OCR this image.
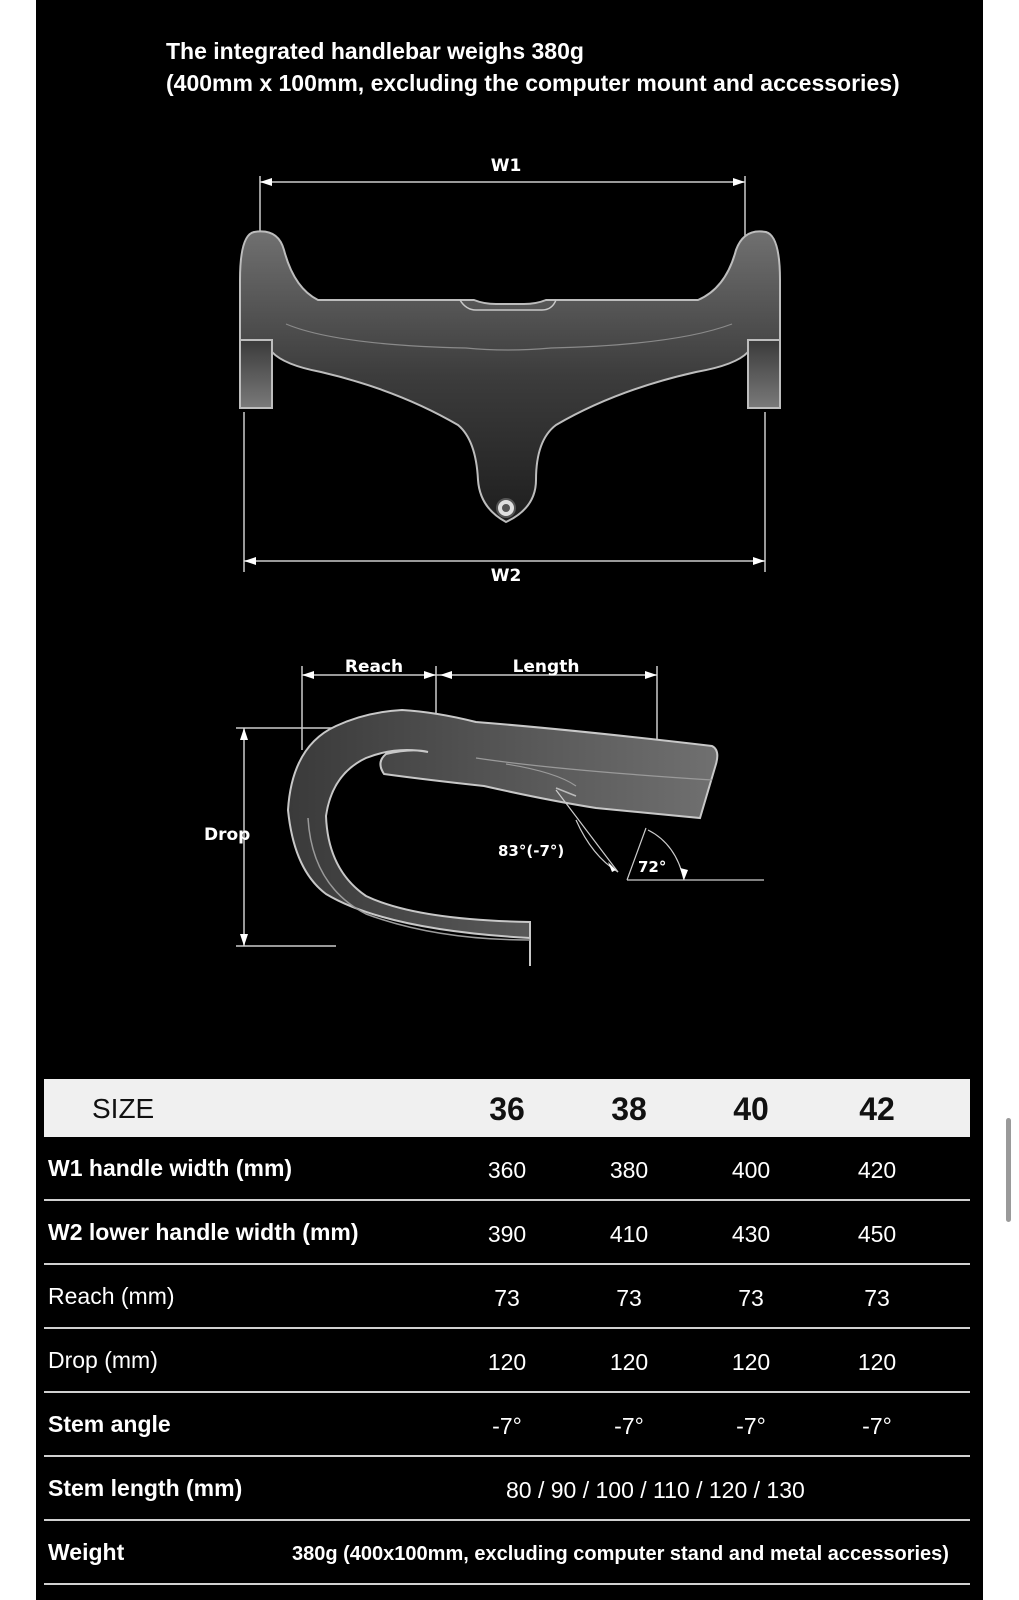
The integrated handlebar weighs 380g
(400mm x 100mm, excluding the computer mount and accessories)
W1
W2
Reach	Length
Drop
83°(-7°)
72°
SIZE	36	38	40	42
W1 handle width (mm)	360	380	400	420
W2 lower handle width (mm)	390	410	430	450
Reach (mm)	73	73	73	73
Drop (mm)	120	120	120	120
Stem angle	-7°	-7°	-7°	-7°
Stem length (mm)	80 / 90 / 100 / 110 / 120 / 130
Weight	380g (400x100mm, excluding computer stand and metal accessories)
